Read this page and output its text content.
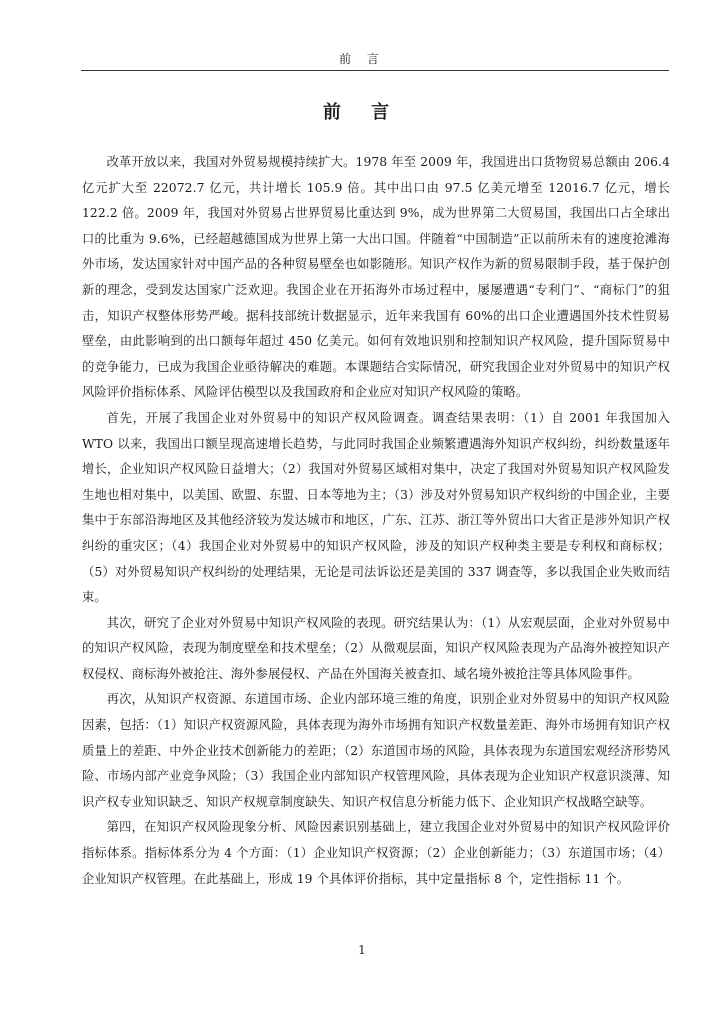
前 言
前 言

改革开放以来，我国对外贸易规模持续扩大。1978 年至 2009 年，我国进出口货物贸易总额由 206.4 亿元扩大至 22072.7 亿元，共计增长 105.9 倍。其中出口由 97.5 亿美元增至 12016.7 亿元，增长 122.2 倍。2009 年，我国对外贸易占世界贸易比重达到 9%，成为世界第二大贸易国，我国出口占全球出口的比重为 9.6%，已经超越德国成为世界上第一大出口国。伴随着“中国制造”正以前所未有的速度抢滩海外市场，发达国家针对中国产品的各种贸易壁垒也如影随形。知识产权作为新的贸易限制手段，基于保护创新的理念，受到发达国家广泛欢迎。我国企业在开拓海外市场过程中，屡屡遭遇“专利门”、“商标门”的狙击，知识产权整体形势严峻。据科技部统计数据显示，近年来我国有 60%的出口企业遭遇国外技术性贸易壁垒，由此影响到的出口额每年超过 450 亿美元。如何有效地识别和控制知识产权风险，提升国际贸易中的竞争能力，已成为我国企业亟待解决的难题。本课题结合实际情况，研究我国企业对外贸易中的知识产权风险评价指标体系、风险评估模型以及我国政府和企业应对知识产权风险的策略。

首先，开展了我国企业对外贸易中的知识产权风险调查。调查结果表明：（1）自 2001 年我国加入 WTO 以来，我国出口额呈现高速增长趋势，与此同时我国企业频繁遭遇海外知识产权纠纷，纠纷数量逐年增长，企业知识产权风险日益增大；（2）我国对外贸易区域相对集中，决定了我国对外贸易知识产权风险发生地也相对集中，以美国、欧盟、东盟、日本等地为主；（3）涉及对外贸易知识产权纠纷的中国企业，主要集中于东部沿海地区及其他经济较为发达城市和地区，广东、江苏、浙江等外贸出口大省正是涉外知识产权纠纷的重灾区；（4）我国企业对外贸易中的知识产权风险，涉及的知识产权种类主要是专利权和商标权；（5）对外贸易知识产权纠纷的处理结果，无论是司法诉讼还是美国的 337 调查等，多以我国企业失败而结束。

其次，研究了企业对外贸易中知识产权风险的表现。研究结果认为：（1）从宏观层面，企业对外贸易中的知识产权风险，表现为制度壁垒和技术壁垒；（2）从微观层面，知识产权风险表现为产品海外被控知识产权侵权、商标海外被抢注、海外参展侵权、产品在外国海关被查扣、域名境外被抢注等具体风险事件。

再次，从知识产权资源、东道国市场、企业内部环境三维的角度，识别企业对外贸易中的知识产权风险因素，包括：（1）知识产权资源风险，具体表现为海外市场拥有知识产权数量差距、海外市场拥有知识产权质量上的差距、中外企业技术创新能力的差距；（2）东道国市场的风险，具体表现为东道国宏观经济形势风险、市场内部产业竞争风险；（3）我国企业内部知识产权管理风险，具体表现为企业知识产权意识淡薄、知识产权专业知识缺乏、知识产权规章制度缺失、知识产权信息分析能力低下、企业知识产权战略空缺等。

第四，在知识产权风险现象分析、风险因素识别基础上，建立我国企业对外贸易中的知识产权风险评价指标体系。指标体系分为 4 个方面：（1）企业知识产权资源；（2）企业创新能力；（3）东道国市场；（4）企业知识产权管理。在此基础上，形成 19 个具体评价指标，其中定量指标 8 个，定性指标 11 个。

1
